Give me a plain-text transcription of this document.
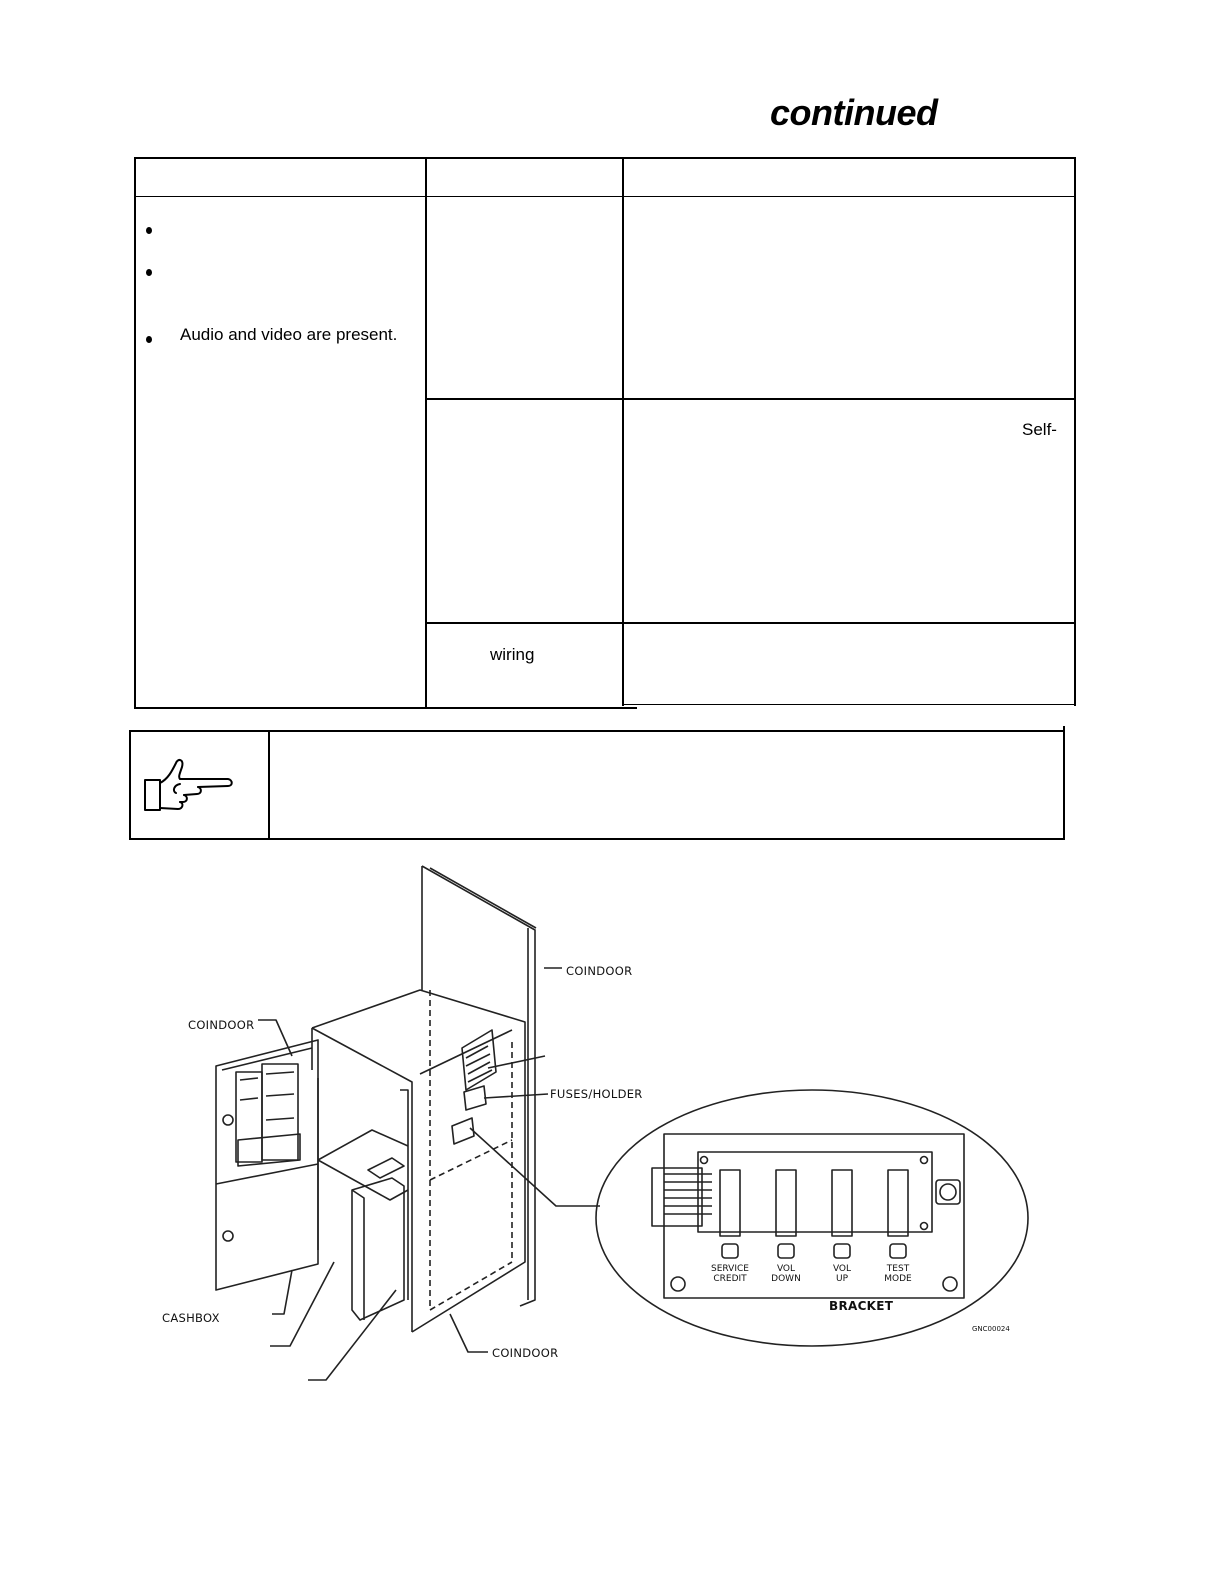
continued
Audio and video are present.
Self-
wiring
COINDOOR
COINDOOR
FUSES/HOLDER
CASHBOX
COINDOOR
BRACKET
GNC00024
SERVICE
CREDIT
VOL
DOWN
VOL
UP
TEST
MODE
